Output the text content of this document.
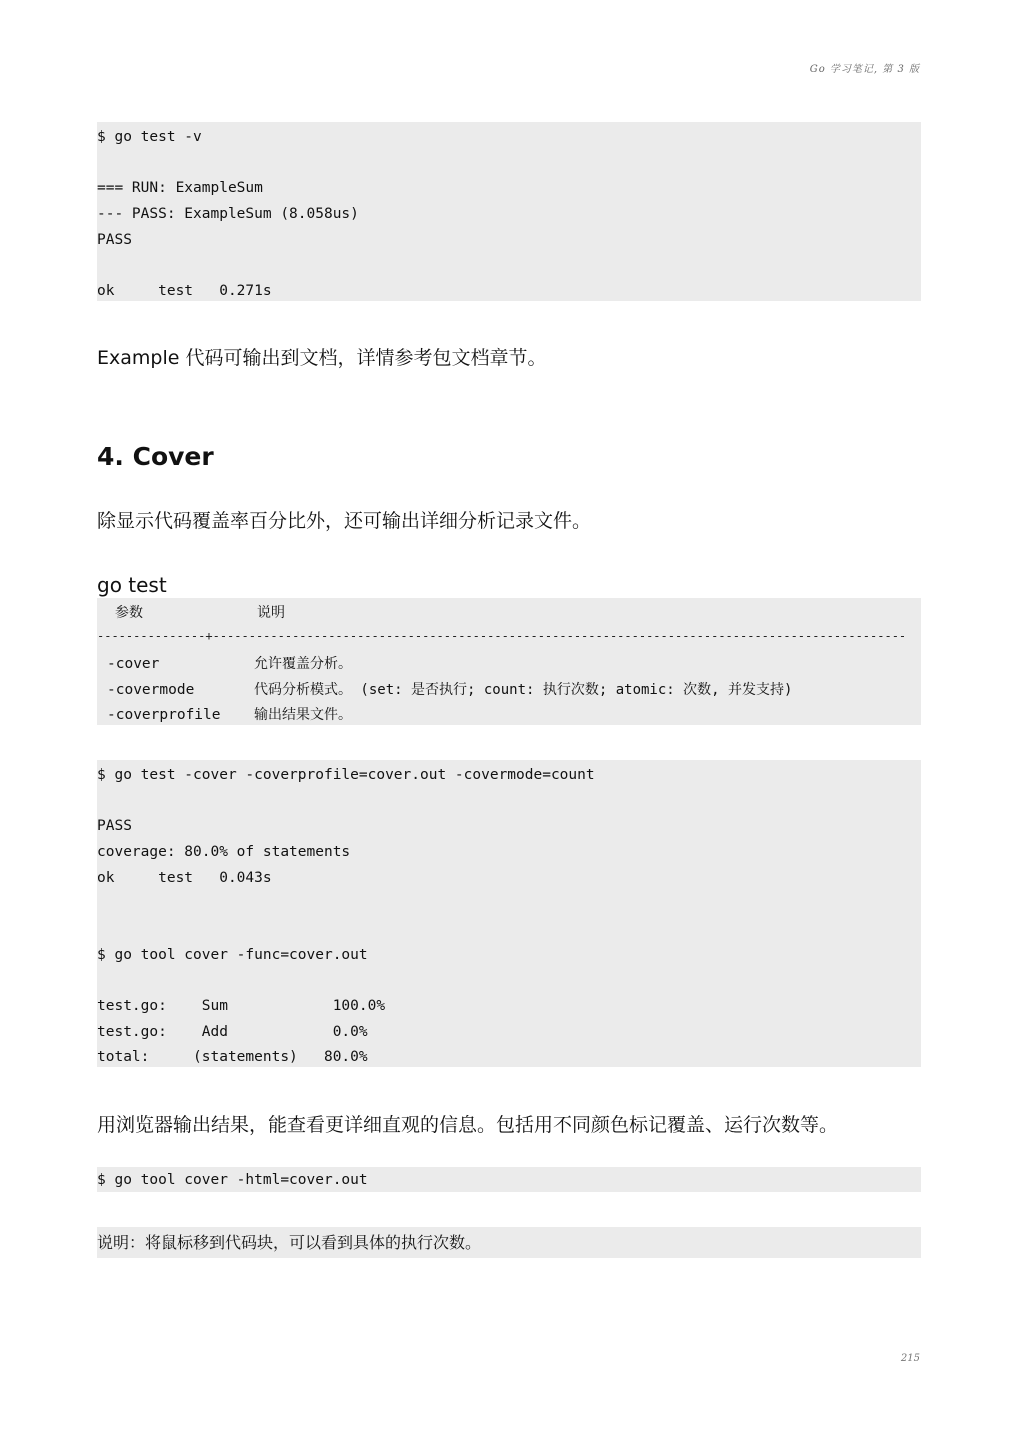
Go 学习笔记, 第 3 版

$ go test -v

=== RUN: ExampleSum

--- PASS: ExampleSum (8.058us)

PASS

ok     test   0.271s

Example 代码可输出到文档，详情参考包文档章节。
4. Cover
除显示代码覆盖率百分比外，还可输出详细分析记录文件。
go test
参数	说明
---------------+------------------------------------------------------------------------------------------------
-cover	允许覆盖分析。
-covermode	代码分析模式。 (set: 是否执行; count: 执行次数; atomic: 次数, 并发支持)
-coverprofile 输出结果文件。

$ go test -cover -coverprofile=cover.out -covermode=count

PASS

coverage: 80.0% of statements

ok     test   0.043s

$ go tool cover -func=cover.out

test.go:    Sum            100.0%

test.go:    Add            0.0%

total:     (statements)   80.0%

用浏览器输出结果，能查看更详细直观的信息。包括用不同颜色标记覆盖、运行次数等。

$ go tool cover -html=cover.out

说明：将鼠标移到代码块，可以看到具体的执行次数。
215
